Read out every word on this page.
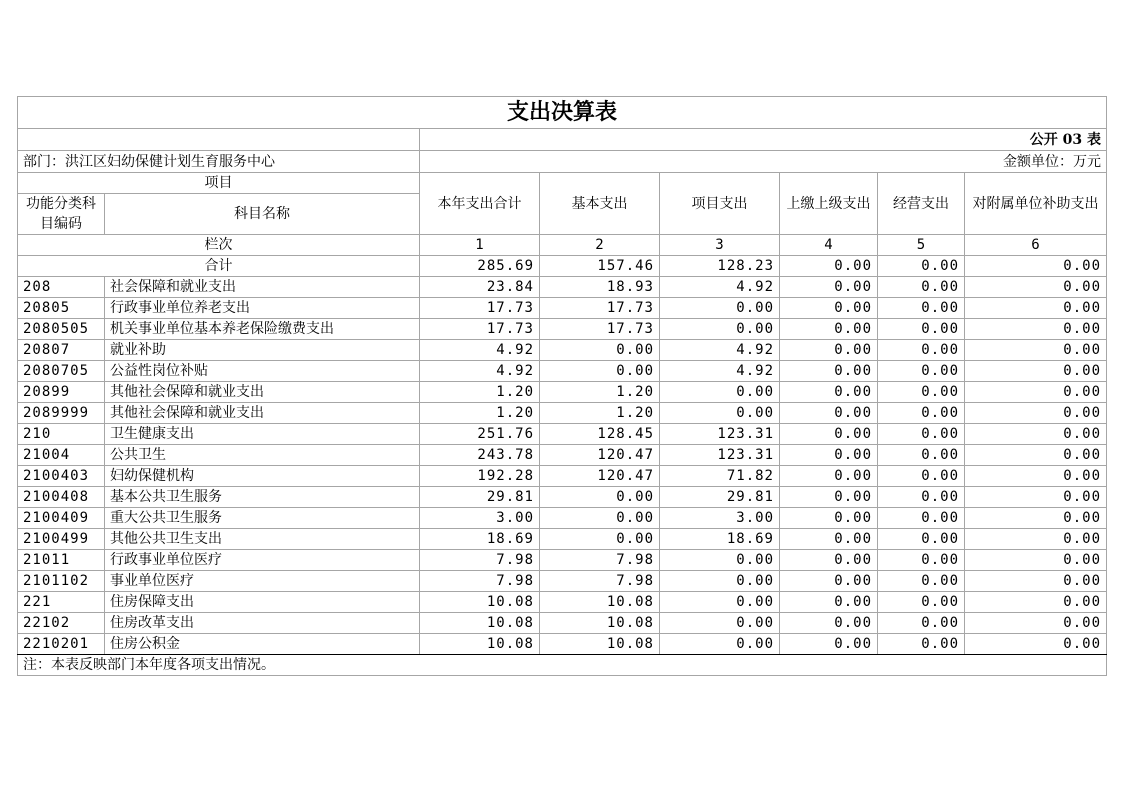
支出决算表							
		公开 03 表					
部门：洪江区妇幼保健计划生育服务中心		金额单位：万元					
项目		本年支出合计	基本支出	项目支出	上缴上级支出	经营支出	对附属单位补助支出
功能分类科目编码	科目名称						
栏次		1	2	3	4	5	6
合计		285.69	157.46	128.23	0.00	0.00	0.00
208	社会保障和就业支出	23.84	18.93	4.92	0.00	0.00	0.00
20805	行政事业单位养老支出	17.73	17.73	0.00	0.00	0.00	0.00
2080505	机关事业单位基本养老保险缴费支出	17.73	17.73	0.00	0.00	0.00	0.00
20807	就业补助	4.92	0.00	4.92	0.00	0.00	0.00
2080705	公益性岗位补贴	4.92	0.00	4.92	0.00	0.00	0.00
20899	其他社会保障和就业支出	1.20	1.20	0.00	0.00	0.00	0.00
2089999	其他社会保障和就业支出	1.20	1.20	0.00	0.00	0.00	0.00
210	卫生健康支出	251.76	128.45	123.31	0.00	0.00	0.00
21004	公共卫生	243.78	120.47	123.31	0.00	0.00	0.00
2100403	妇幼保健机构	192.28	120.47	71.82	0.00	0.00	0.00
2100408	基本公共卫生服务	29.81	0.00	29.81	0.00	0.00	0.00
2100409	重大公共卫生服务	3.00	0.00	3.00	0.00	0.00	0.00
2100499	其他公共卫生支出	18.69	0.00	18.69	0.00	0.00	0.00
21011	行政事业单位医疗	7.98	7.98	0.00	0.00	0.00	0.00
2101102	事业单位医疗	7.98	7.98	0.00	0.00	0.00	0.00
221	住房保障支出	10.08	10.08	0.00	0.00	0.00	0.00
22102	住房改革支出	10.08	10.08	0.00	0.00	0.00	0.00
2210201	住房公积金	10.08	10.08	0.00	0.00	0.00	0.00
注：本表反映部门本年度各项支出情况。							
